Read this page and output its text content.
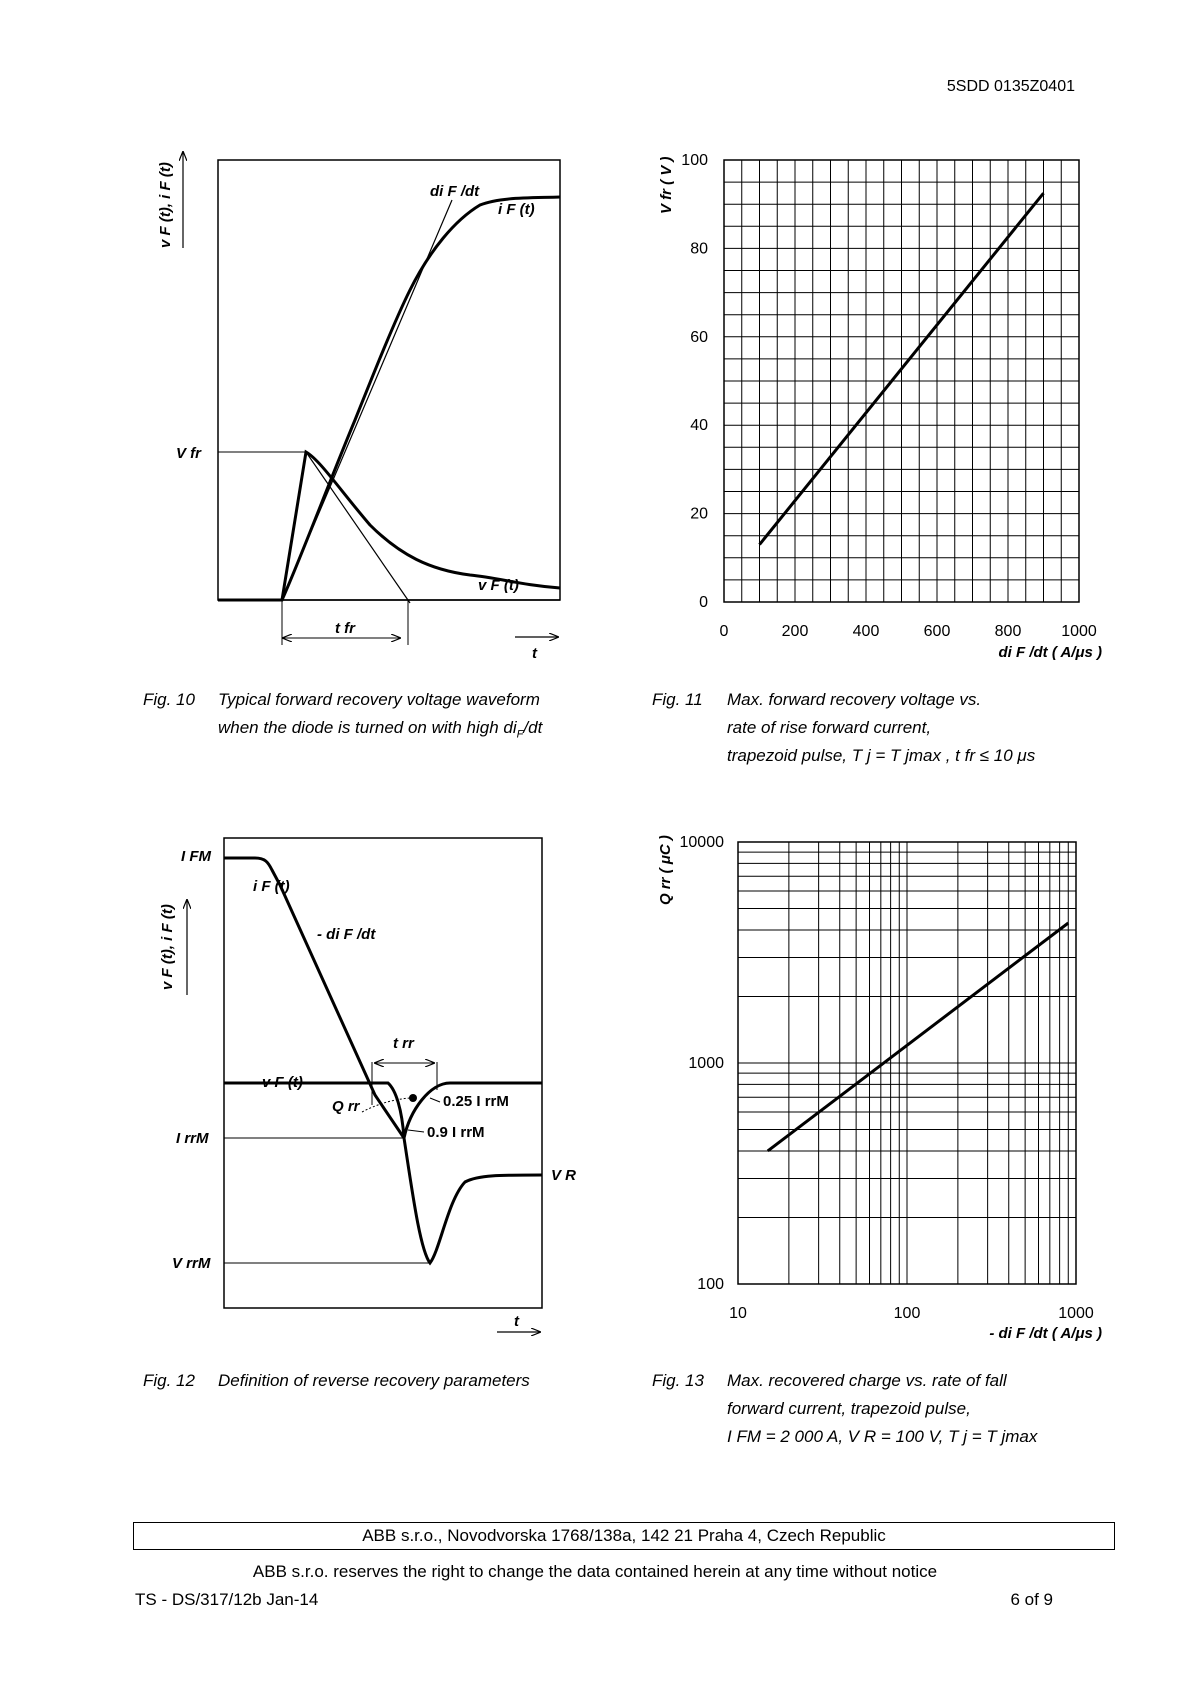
5SDD 0135Z0401
v F (t), i F (t)	di F /dt
i F (t)
V fr
v F (t)
t fr
t
0
20
40
60
80
100
0	200	400	600	800 1000
V fr ( V )
di F /dt ( A/μs )
v F (t), i F (t)
I FM
i F (t)
- di F /dt
t rr
v F (t)
Q rr	0.25 I rrM
0.9 I rrM
I rrM
V R
V rrM
t
100
1000
10000
10	100	1000
Q rr ( μC )
- di F /dt ( A/μs )
Fig. 10 Typical forward recovery voltage waveform
when the diode is turned on with high $di_F/dt$
Fig. 11 Max. forward recovery voltage vs.
rate of rise forward current,
trapezoid pulse, T j = T jmax , t fr ≤ 10 μs
Fig. 12 Definition of reverse recovery parameters	Fig. 13 Max. recovered charge vs. rate of fall
forward current, trapezoid pulse,
I FM = 2 000 A, V R = 100 V, T j = T jmax
ABB s.r.o., Novodvorska 1768/138a, 142 21 Praha 4, Czech Republic
ABB s.r.o. reserves the right to change the data contained herein at any time without notice
TS - DS/317/12b Jan-14	6 of 9
